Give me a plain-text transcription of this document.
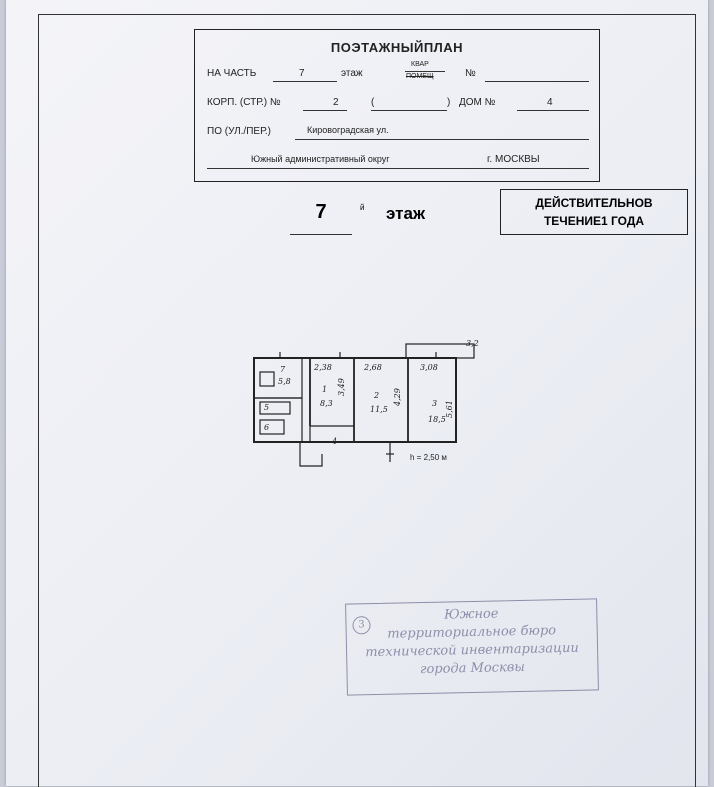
ПОЭТАЖНЫЙПЛАН
НА ЧАСТЬ	7	этаж
КВАР
ПОМЕЩ	№
КОРП. (СТР.) №	2	(	) ДОМ №	4
ПО (УЛ./ПЕР.)	Кировоградская ул.
Южный административный округ	г. МОСКВЫ
7	й этаж
ДЕЙСТВИТЕЛЬНОВ
ТЕЧЕНИЕ1 ГОДА
3,2
2,38	2,68	3,08
7
5,8
1
8,3
3,49	2
11,5
4,29	3
18,5
5,61
4
5
6
h = 2,50 м
3
Южное
территориальное бюро
технической инвентаризации
города Москвы
